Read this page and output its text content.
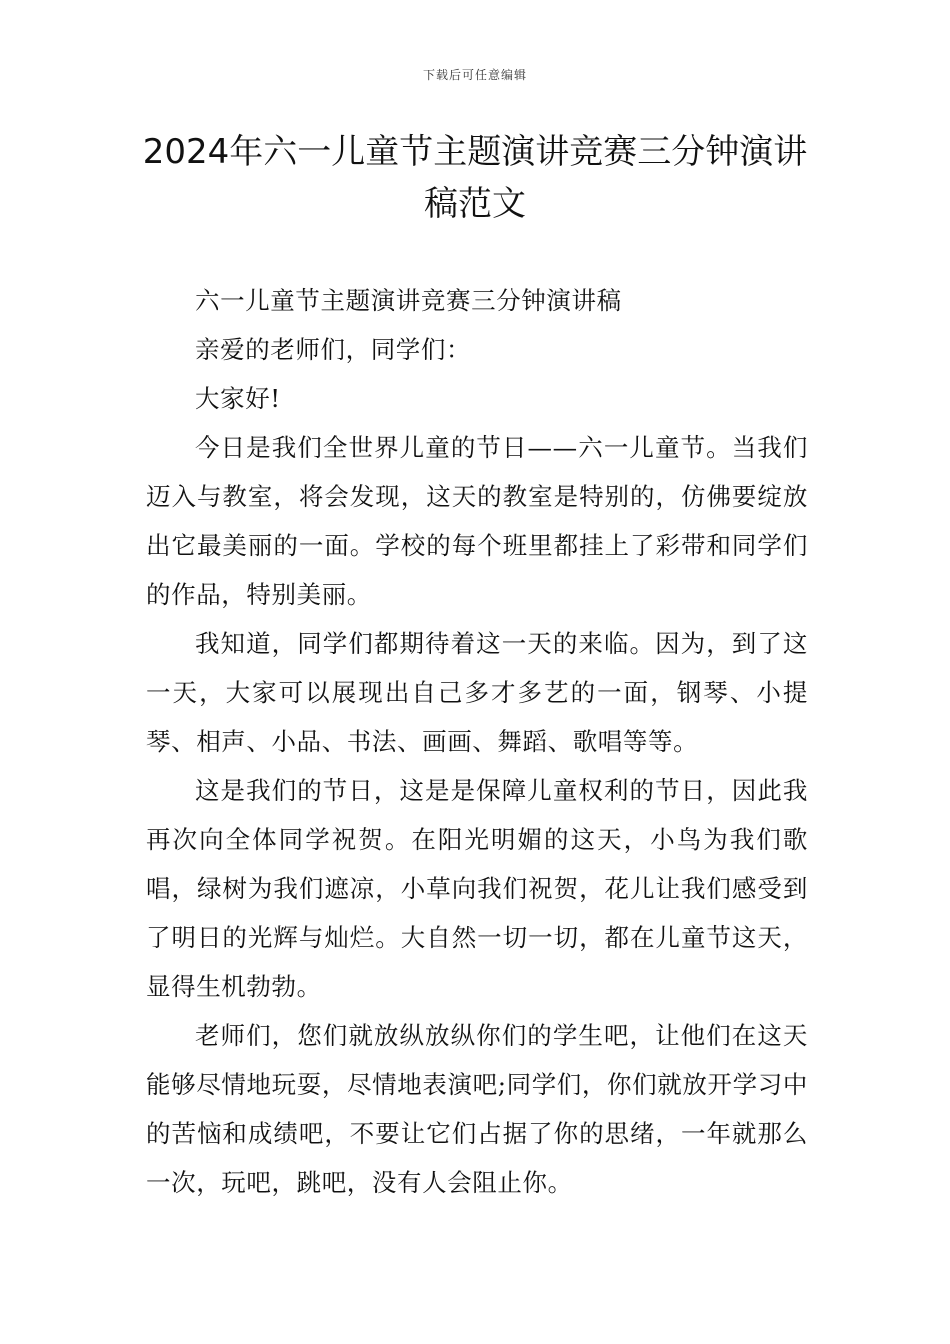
下载后可任意编辑
2024年六一儿童节主题演讲竞赛三分钟演讲稿范文

六一儿童节主题演讲竞赛三分钟演讲稿

亲爱的老师们，同学们：

大家好!

今日是我们全世界儿童的节日——六一儿童节。当我们迈入与教室，将会发现，这天的教室是特别的，仿佛要绽放出它最美丽的一面。学校的每个班里都挂上了彩带和同学们的作品，特别美丽。

我知道，同学们都期待着这一天的来临。因为，到了这一天，大家可以展现出自己多才多艺的一面，钢琴、小提琴、相声、小品、书法、画画、舞蹈、歌唱等等。

这是我们的节日，这是是保障儿童权利的节日，因此我再次向全体同学祝贺。在阳光明媚的这天，小鸟为我们歌唱，绿树为我们遮凉，小草向我们祝贺，花儿让我们感受到了明日的光辉与灿烂。大自然一切一切，都在儿童节这天，显得生机勃勃。

老师们，您们就放纵放纵你们的学生吧，让他们在这天能够尽情地玩耍，尽情地表演吧;同学们，你们就放开学习中的苦恼和成绩吧，不要让它们占据了你的思绪，一年就那么一次，玩吧，跳吧，没有人会阻止你。
